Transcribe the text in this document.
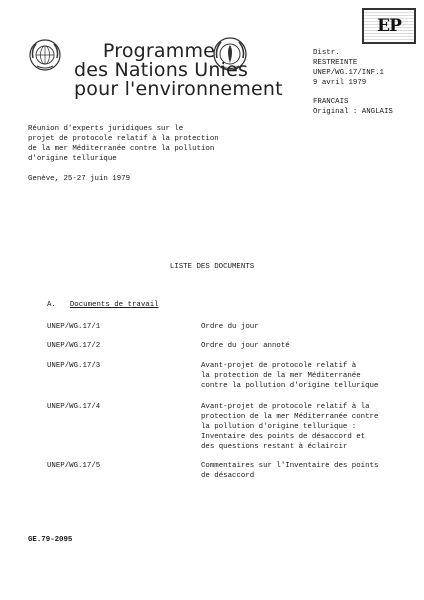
Programme
des Nations Unies
pour l'environnement
EP
Distr.
RESTREINTE
UNEP/WG.17/INF.1
9 avril 1979
FRANCAIS
Original : ANGLAIS
Réunion d'experts juridiques sur le
projet de protocole relatif à la protection
de la mer Méditerranée contre la pollution
d'origine tellurique
Genève, 25-27 juin 1979
LISTE DES DOCUMENTS
A. Documents de travail
UNEP/WG.17/1	Ordre du jour
UNEP/WG.17/2	Ordre du jour annoté
UNEP/WG.17/3	Avant-projet de protocole relatif à
la protection de la mer Méditerranée
contre la pollution d'origine tellurique
UNEP/WG.17/4	Avant-projet de protocole relatif à la
protection de la mer Méditerranée contre
la pollution d'origine tellurique :
Inventaire des points de désaccord et
des questions restant à éclaircir
UNEP/WG.17/5	Commentaires sur l'Inventaire des points
de désaccord
GE.79-2095
